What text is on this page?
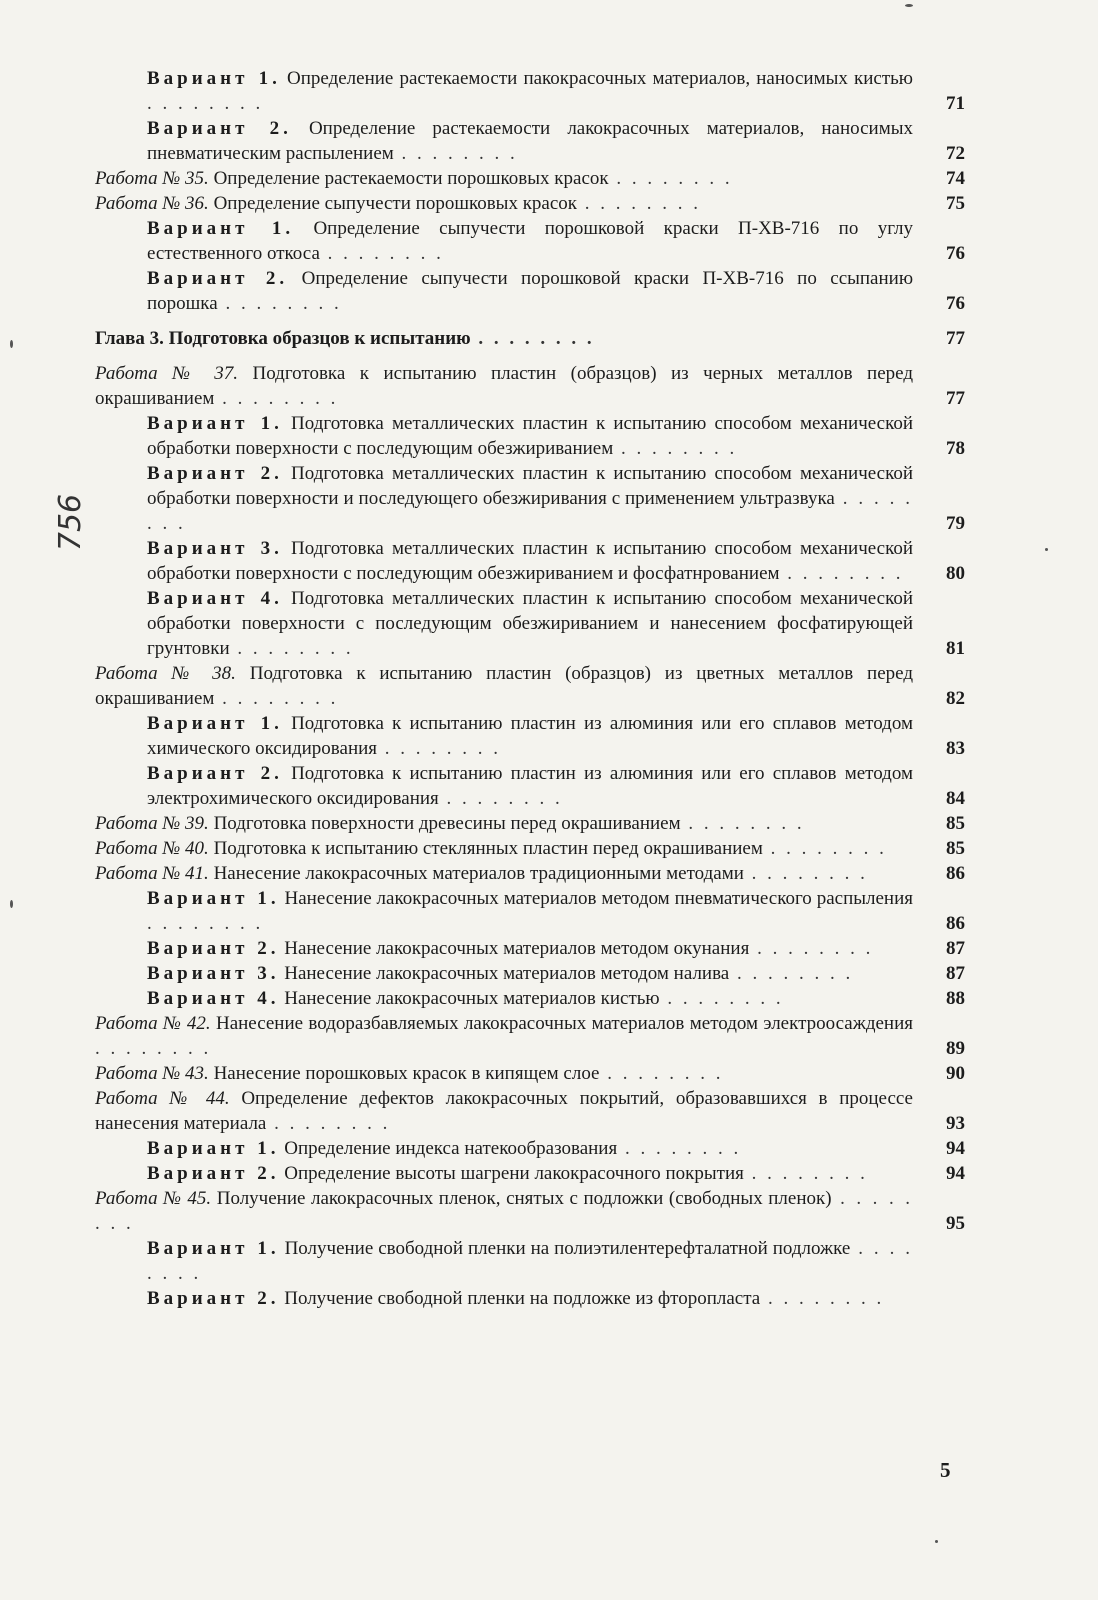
756
Вариант 1. Определение растекаемости пакокрасочных материалов, наносимых кистью . . . . . . . .	71
Вариант 2. Определение растекаемости лакокрасочных материалов, наносимых пневматическим распылением . . . . . . . .	72
Работа № 35. Определение растекаемости порошковых красок . . . . . . . .	74
Работа № 36. Определение сыпучести порошковых красок . . . . . . . .	75
Вариант 1. Определение сыпучести порошковой краски П-ХВ-716 по углу естественного откоса . . . . . . . .	76
Вариант 2. Определение сыпучести порошковой краски П-ХВ-716 по ссыпанию порошка . . . . . . . .	76
Глава 3. Подготовка образцов к испытанию . . . . . . . .	77
Работа № 37. Подготовка к испытанию пластин (образцов) из черных металлов перед окрашиванием . . . . . . . .	77
Вариант 1. Подготовка металлических пластин к испытанию способом механической обработки поверхности с последующим обезжириванием . . . . . . . .	78
Вариант 2. Подготовка металлических пластин к испытанию способом механической обработки поверхности и последующего обезжиривания с применением ультразвука . . . . . . . .	79
Вариант 3. Подготовка металлических пластин к испытанию способом механической обработки поверхности с последующим обезжириванием и фосфатнрованием . . . . . . . .	80
Вариант 4. Подготовка металлических пластин к испытанию способом механической обработки поверхности с последующим обезжириванием и нанесением фосфатирующей грунтовки . . . . . . . .	81
Работа № 38. Подготовка к испытанию пластин (образцов) из цветных металлов перед окрашиванием . . . . . . . .	82
Вариант 1. Подготовка к испытанию пластин из алюминия или его сплавов методом химического оксидирования . . . . . . . .	83
Вариант 2. Подготовка к испытанию пластин из алюминия или его сплавов методом электрохимического оксидирования . . . . . . . .	84
Работа № 39. Подготовка поверхности древесины перед окрашиванием . . . . . . . .	85
Работа № 40. Подготовка к испытанию стеклянных пластин перед окрашиванием . . . . . . . .	85
Работа № 41. Нанесение лакокрасочных материалов традиционными методами . . . . . . . .	86
Вариант 1. Нанесение лакокрасочных материалов методом пневматического распыления . . . . . . . .	86
Вариант 2. Нанесение лакокрасочных материалов методом окунания . . . . . . . .	87
Вариант 3. Нанесение лакокрасочных материалов методом налива . . . . . . . .	87
Вариант 4. Нанесение лакокрасочных материалов кистью . . . . . . . .	88
Работа № 42. Нанесение водоразбавляемых лакокрасочных материалов методом электроосаждения . . . . . . . .	89
Работа № 43. Нанесение порошковых красок в кипящем слое . . . . . . . .	90
Работа № 44. Определение дефектов лакокрасочных покрытий, образовавшихся в процессе нанесения материала . . . . . . . .	93
Вариант 1. Определение индекса натекообразования . . . . . . . .	94
Вариант 2. Определение высоты шагрени лакокрасочного покрытия . . . . . . . .	94
Работа № 45. Получение лакокрасочных пленок, снятых с подложки (свободных пленок) . . . . . . . .	95
Вариант 1. Получение свободной пленки на полиэтилентерефталатной подложке . . . . . . . .
Вариант 2. Получение свободной пленки на подложке из фторопласта . . . . . . . .
5
